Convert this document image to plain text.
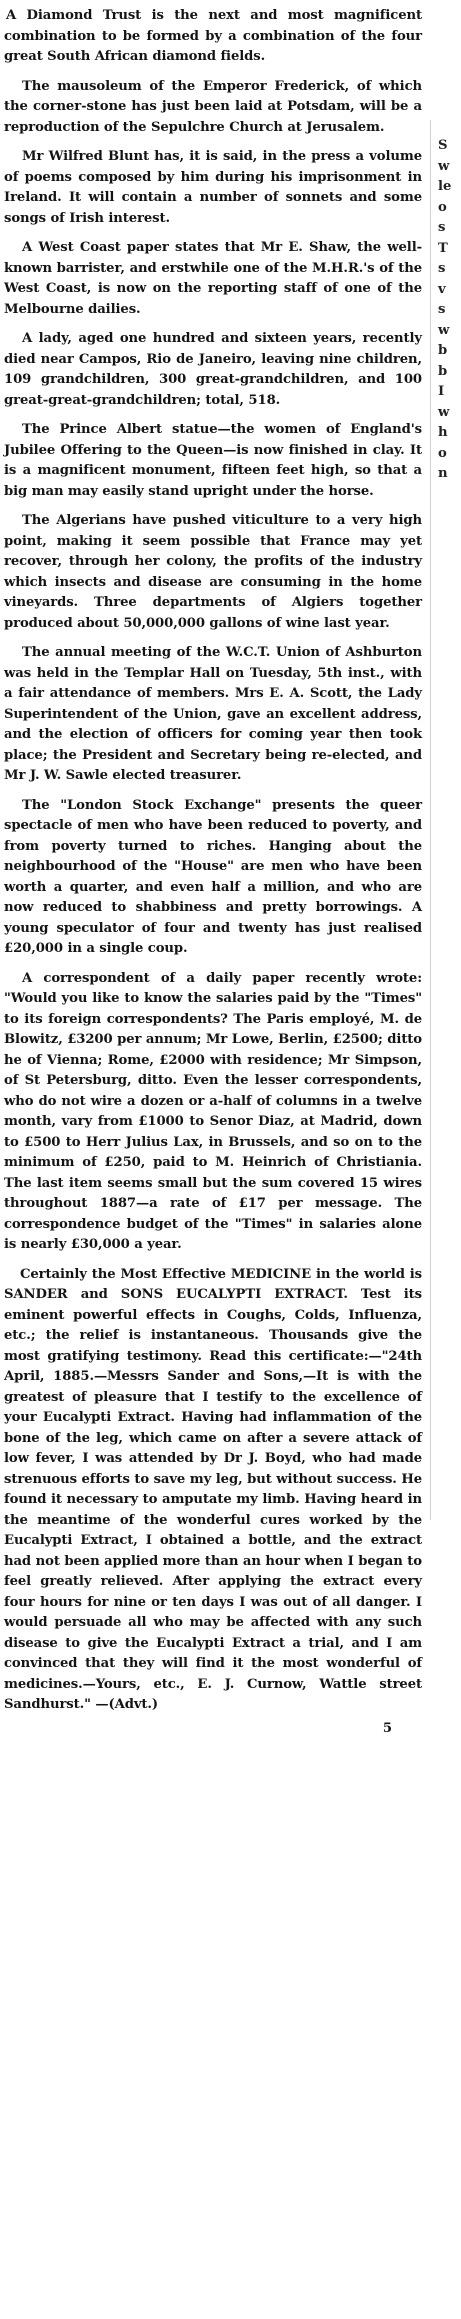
A Diamond Trust is the next and most magnificent combination to be formed by a combination of the four great South African diamond fields.

The mausoleum of the Emperor Frederick, of which the corner-stone has just been laid at Potsdam, will be a reproduction of the Sepulchre Church at Jerusalem.

Mr Wilfred Blunt has, it is said, in the press a volume of poems composed by him during his imprisonment in Ireland. It will contain a number of sonnets and some songs of Irish interest.

A West Coast paper states that Mr E. Shaw, the well-known barrister, and erstwhile one of the M.H.R.'s of the West Coast, is now on the reporting staff of one of the Melbourne dailies.

A lady, aged one hundred and sixteen years, recently died near Campos, Rio de Janeiro, leaving nine children, 109 grandchildren, 300 great-grandchildren, and 100 great-great-grandchildren; total, 518.

The Prince Albert statue—the women of England's Jubilee Offering to the Queen—is now finished in clay. It is a magnificent monument, fifteen feet high, so that a big man may easily stand upright under the horse.

The Algerians have pushed viticulture to a very high point, making it seem possible that France may yet recover, through her colony, the profits of the industry which insects and disease are consuming in the home vineyards. Three departments of Algiers together produced about 50,000,000 gallons of wine last year.

The annual meeting of the W.C.T. Union of Ashburton was held in the Templar Hall on Tuesday, 5th inst., with a fair attendance of members. Mrs E. A. Scott, the Lady Superintendent of the Union, gave an excellent address, and the election of officers for coming year then took place; the President and Secretary being re-elected, and Mr J. W. Sawle elected treasurer.

The "London Stock Exchange" presents the queer spectacle of men who have been reduced to poverty, and from poverty turned to riches. Hanging about the neighbourhood of the "House" are men who have been worth a quarter, and even half a million, and who are now reduced to shabbiness and pretty borrowings. A young speculator of four and twenty has just realised £20,000 in a single coup.

A correspondent of a daily paper recently wrote: "Would you like to know the salaries paid by the "Times" to its foreign correspondents? The Paris employé, M. de Blowitz, £3200 per annum; Mr Lowe, Berlin, £2500; ditto he of Vienna; Rome, £2000 with residence; Mr Simpson, of St Petersburg, ditto. Even the lesser correspondents, who do not wire a dozen or a-half of columns in a twelve month, vary from £1000 to Senor Diaz, at Madrid, down to £500 to Herr Julius Lax, in Brussels, and so on to the minimum of £250, paid to M. Heinrich of Christiania. The last item seems small but the sum covered 15 wires throughout 1887—a rate of £17 per message. The correspondence budget of the "Times" in salaries alone is nearly £30,000 a year.

Certainly the Most Effective MEDICINE in the world is SANDER and SONS EUCALYPTI EXTRACT. Test its eminent powerful effects in Coughs, Colds, Influenza, etc.; the relief is instantaneous. Thousands give the most gratifying testimony. Read this certificate:—"24th April, 1885.—Messrs Sander and Sons,—It is with the greatest of pleasure that I testify to the excellence of your Eucalypti Extract. Having had inflammation of the bone of the leg, which came on after a severe attack of low fever, I was attended by Dr J. Boyd, who had made strenuous efforts to save my leg, but without success. He found it necessary to amputate my limb. Having heard in the meantime of the wonderful cures worked by the Eucalypti Extract, I obtained a bottle, and the extract had not been applied more than an hour when I began to feel greatly relieved. After applying the extract every four hours for nine or ten days I was out of all danger. I would persuade all who may be affected with any such disease to give the Eucalypti Extract a trial, and I am convinced that they will find it the most wonderful of medicines.—Yours, etc., E. J. Curnow, Wattle street Sandhurst." —(Advt.)

5
S
w
le
o
s
T
s
v
s
w
b
b
I
w
h
o
n
